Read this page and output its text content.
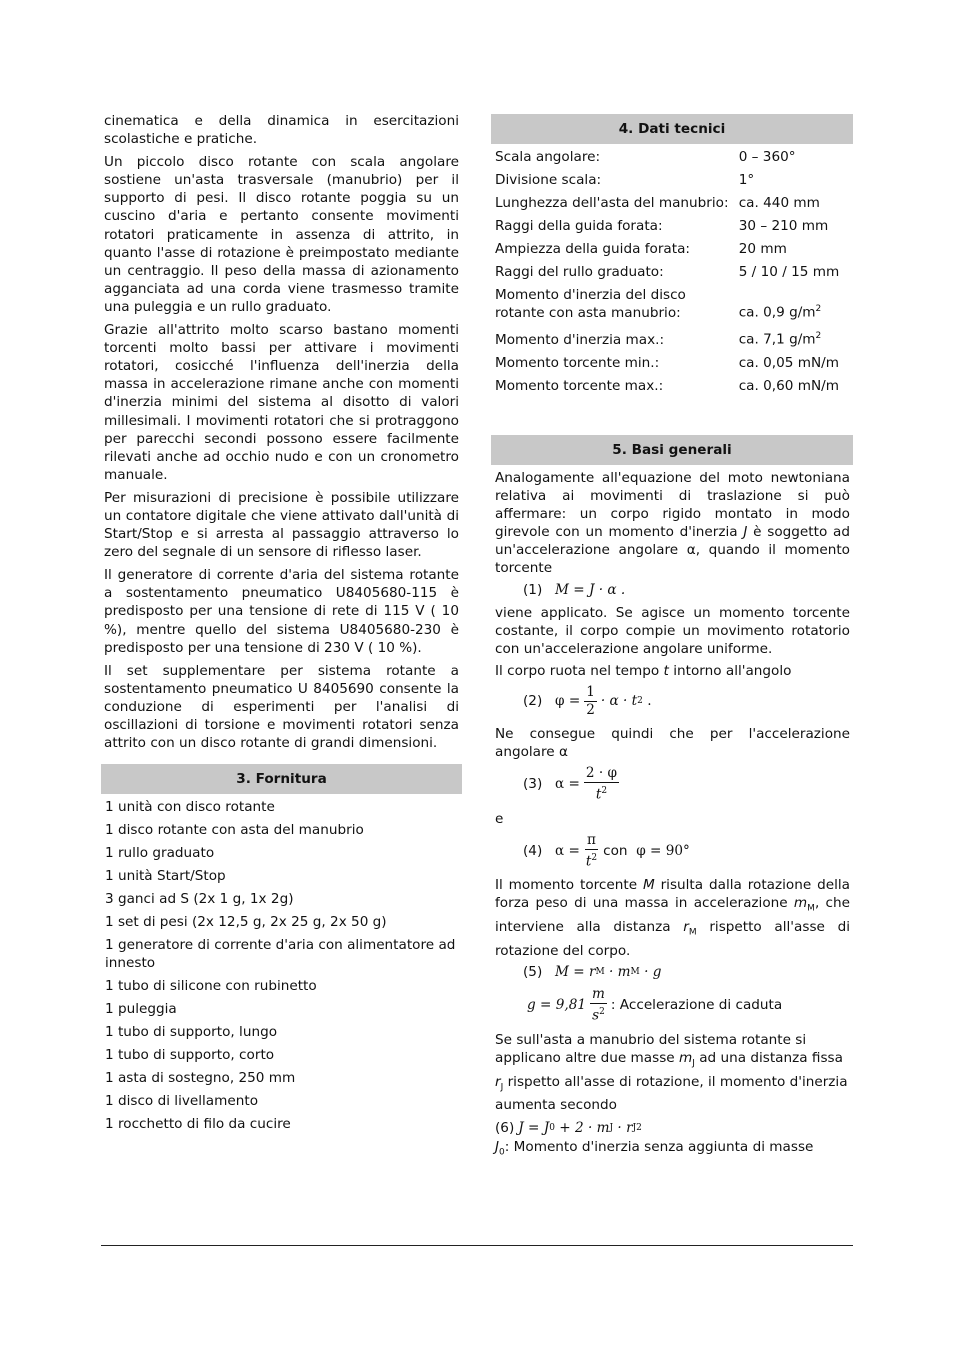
cinematica e della dinamica in esercitazioni scolastiche e pratiche.

Un piccolo disco rotante con scala angolare sostiene un'asta trasversale (manubrio) per il supporto di pesi. Il disco rotante poggia su un cuscino d'aria e pertanto consente movimenti rotatori praticamente in assenza di attrito, in quanto l'asse di rotazione è preimpostato mediante un centraggio. Il peso della massa di azionamento agganciata ad una corda viene trasmesso tramite una puleggia e un rullo graduato.

Grazie all'attrito molto scarso bastano momenti torcenti molto bassi per attivare i movimenti rotatori, cosicché l'influenza dell'inerzia della massa in accelerazione rimane anche con momenti d'inerzia minimi del sistema al disotto di valori millesimali. I movimenti rotatori che si protraggono per parecchi secondi possono essere facilmente rilevati anche ad occhio nudo e con un cronometro manuale.

Per misurazioni di precisione è possibile utilizzare un contatore digitale che viene attivato dall'unità di Start/Stop e si arresta al passaggio attraverso lo zero del segnale di un sensore di riflesso laser.

Il generatore di corrente d'aria del sistema rotante a sostentamento pneumatico U8405680-115 è predisposto per una tensione di rete di 115 V ( 10 %), mentre quello del sistema U8405680-230 è predisposto per una tensione di 230 V ( 10 %).

Il set supplementare per sistema rotante a sostentamento pneumatico U 8405690 consente la conduzione di esperimenti per l'analisi di oscillazioni di torsione e movimenti rotatori senza attrito con un disco rotante di grandi dimensioni.

3. Fornitura
1 unità con disco rotante
1 disco rotante con asta del manubrio
1 rullo graduato
1 unità Start/Stop
3 ganci ad S (2x 1 g, 1x 2g)
1 set di pesi (2x 12,5 g, 2x 25 g, 2x 50 g)
1 generatore di corrente d'aria con alimentatore ad innesto
1 tubo di silicone con rubinetto
1 puleggia
1 tubo di supporto, lungo
1 tubo di supporto, corto
1 asta di sostegno, 250 mm
1 disco di livellamento
1 rocchetto di filo da cucire
4. Dati tecnici
Scala angolare:	0 – 360°
Divisione scala:	1°
Lunghezza dell'asta del manubrio:	ca. 440 mm
Raggi della guida forata:	30 – 210 mm
Ampiezza della guida forata:	20 mm
Raggi del rullo graduato:	5 / 10 / 15 mm
Momento d'inerzia del disco rotante con asta manubrio:	ca. 0,9 $g/m^2$
Momento d'inerzia max.:	ca. 7,1 $g/m^2$
Momento torcente min.:	ca. 0,05 mN/m
Momento torcente max.:	ca. 0,60 mN/m
5. Basi generali

Analogamente all'equazione del moto newtoniana relativa ai movimenti di traslazione si può affermare: un corpo rigido montato in modo girevole con un momento d'inerzia J è soggetto ad un'accelerazione angolare α, quando il momento torcente

(1) M = J · α .

viene applicato. Se agisce un momento torcente costante, il corpo compie un movimento rotatorio con un'accelerazione angolare uniforme.

Il corpo ruota nel tempo t intorno all'angolo

(2) $\varphi = \frac{1}{2} \cdot \alpha \cdot t$ 2
.

Ne consegue quindi che per l'accelerazione angolare α

(3) $\alpha = \frac{2 \cdot \varphi}{t^2}$

e

(4) $\alpha = \frac{\pi}{t^2}$ con
φ = 90°

Il momento torcente M risulta dalla rotazione della forza peso di una massa in accelerazione $m_M$, che interviene alla distanza $r_M$ rispetto all'asse di rotazione del corpo.

(5) M = r M
· m M
· g
$g = 9,81 \frac{m}{s^2}$ : Accelerazione di caduta

Se sull'asta a manubrio del sistema rotante si applicano altre due masse $m_J$ ad una distanza fissa $r_J$ rispetto all'asse di rotazione, il momento d'inerzia aumenta secondo

(6) J = J 0
+ 2 · m J
· r J 2

$J_0$: Momento d'inerzia senza aggiunta di masse
